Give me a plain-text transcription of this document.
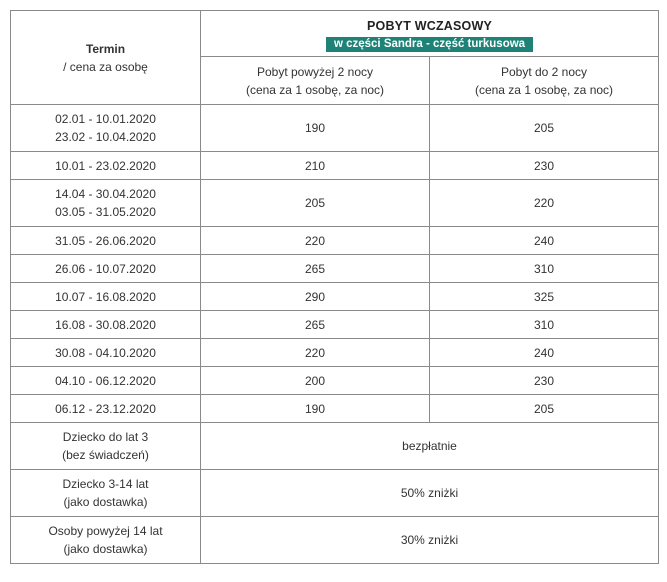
Termin
/ cena za osobę	POBYT WCZASOWY
w części Sandra - część turkusowa	

	Pobyt powyżej 2 nocy
(cena za 1 osobę, za noc)	Pobyt do 2 nocy
(cena za 1 osobę, za noc)

02.01 - 10.01.2020
23.02 - 10.04.2020	190	205

10.01 - 23.02.2020	210	230

14.04 - 30.04.2020
03.05 - 31.05.2020	205	220

31.05 - 26.06.2020	220	240

26.06 - 10.07.2020	265	310

10.07 - 16.08.2020	290	325

16.08 - 30.08.2020	265	310

30.08 - 04.10.2020	220	240

04.10 - 06.12.2020	200	230

06.12 - 23.12.2020	190	205

Dziecko do lat 3
(bez świadczeń)	bezpłatnie	

Dziecko 3-14 lat
(jako dostawka)	50% zniżki	

Osoby powyżej 14 lat
(jako dostawka)	30% zniżki	
